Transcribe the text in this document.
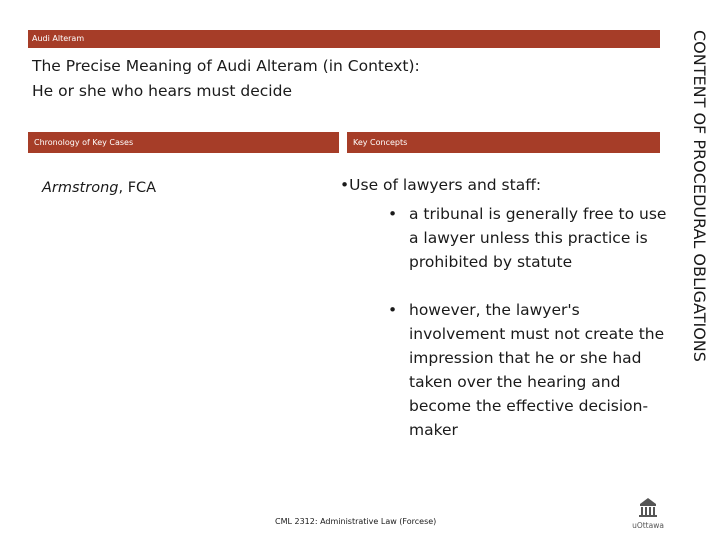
Audi Alteram
The Precise Meaning of Audi Alteram (in Context):
He or she who hears must decide
Chronology of Key Cases	Key Concepts
Armstrong, FCA	•Use of lawyers and staff:
• a tribunal is generally free to use a lawyer unless this practice is prohibited by statute
• however, the lawyer's involvement must not create the impression that he or she had taken over the hearing and become the effective decision-maker
CONTENT OF PROCEDURAL OBLIGATIONS
CML 2312: Administrative Law (Forcese)	uOttawa
